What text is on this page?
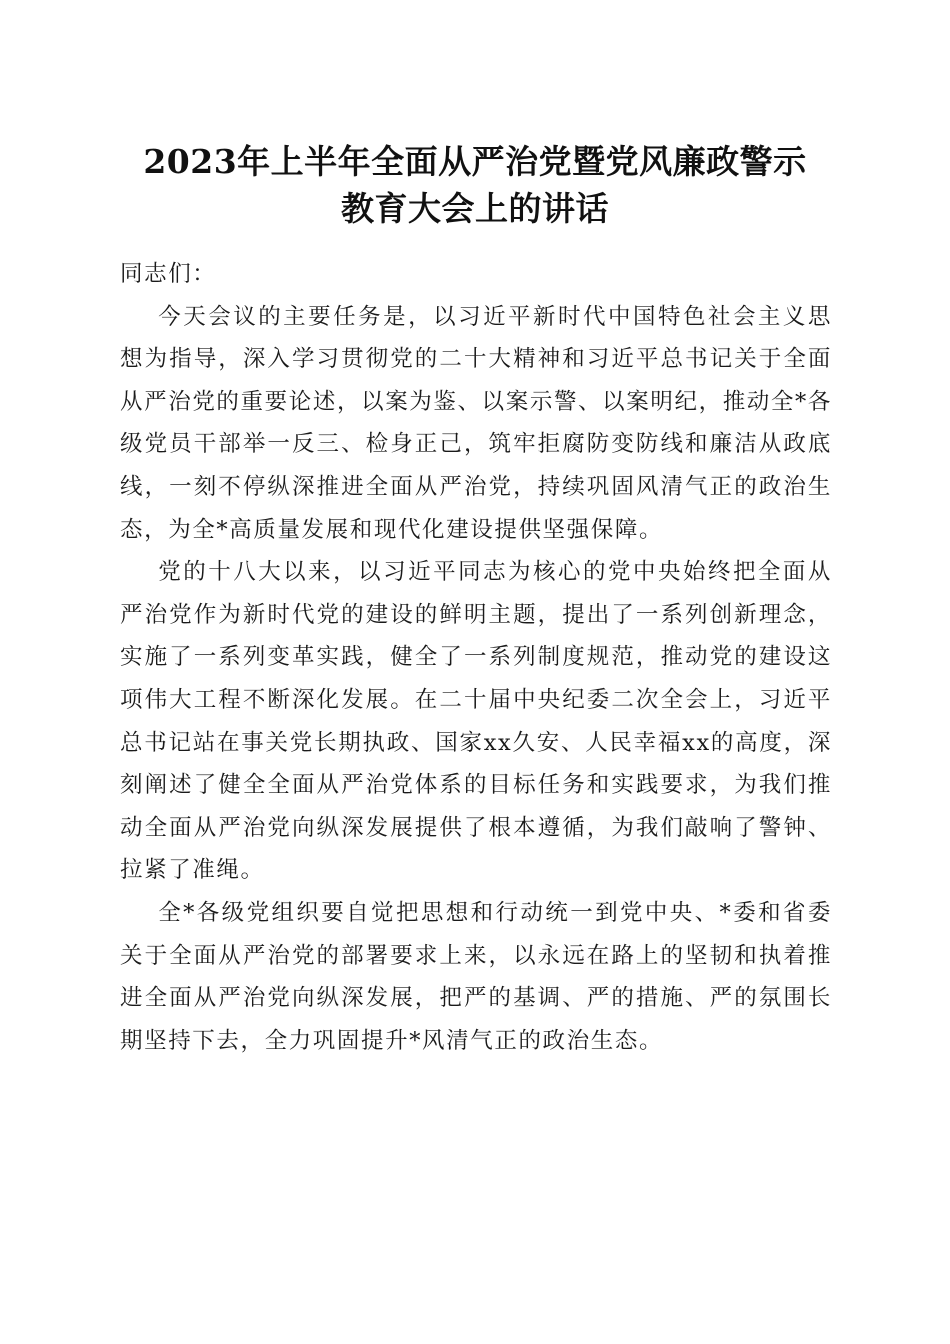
2023年上半年全面从严治党暨党风廉政警示
教育大会上的讲话

同志们：

今天会议的主要任务是，以习近平新时代中国特色社会主义思想为指导，深入学习贯彻党的二十大精神和习近平总书记关于全面从严治党的重要论述，以案为鉴、以案示警、以案明纪，推动全*各级党员干部举一反三、检身正己，筑牢拒腐防变防线和廉洁从政底线，一刻不停纵深推进全面从严治党，持续巩固风清气正的政治生态，为全*高质量发展和现代化建设提供坚强保障。

党的十八大以来，以习近平同志为核心的党中央始终把全面从严治党作为新时代党的建设的鲜明主题，提出了一系列创新理念，实施了一系列变革实践，健全了一系列制度规范，推动党的建设这项伟大工程不断深化发展。在二十届中央纪委二次全会上，习近平总书记站在事关党长期执政、国家xx久安、人民幸福xx的高度，深刻阐述了健全全面从严治党体系的目标任务和实践要求，为我们推动全面从严治党向纵深发展提供了根本遵循，为我们敲响了警钟、拉紧了准绳。

全*各级党组织要自觉把思想和行动统一到党中央、*委和省委关于全面从严治党的部署要求上来，以永远在路上的坚韧和执着推进全面从严治党向纵深发展，把严的基调、严的措施、严的氛围长期坚持下去，全力巩固提升*风清气正的政治生态。
